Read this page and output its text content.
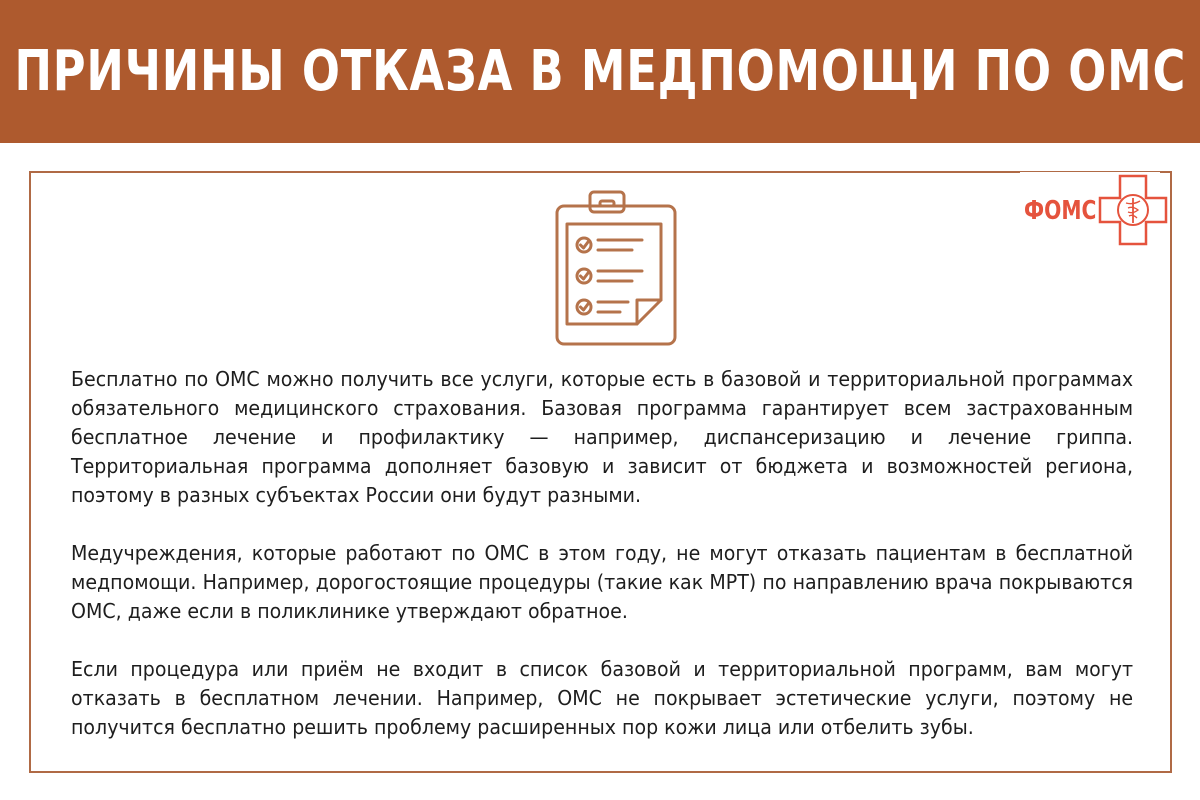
ПРИЧИНЫ ОТКАЗА В МЕДПОМОЩИ ПО ОМС
ФОМС

Бесплатно по ОМС можно получить все услуги, которые есть в базовой и территориальной программах обязательного медицинского страхования. Базовая программа гарантирует всем застрахованным бесплатное лечение и профилактику — например, диспансеризацию и лечение гриппа. Территориальная программа дополняет базовую и зависит от бюджета и возможностей региона, поэтому в разных субъектах России они будут разными.

Медучреждения, которые работают по ОМС в этом году, не могут отказать пациентам в бесплатной медпомощи. Например, дорогостоящие процедуры (такие как МРТ) по направлению врача покрываются ОМС, даже если в поликлинике утверждают обратное.

Если процедура или приём не входит в список базовой и территориальной программ, вам могут отказать в бесплатном лечении. Например, ОМС не покрывает эстетические услуги, поэтому не получится бесплатно решить проблему расширенных пор кожи лица или отбелить зубы.
